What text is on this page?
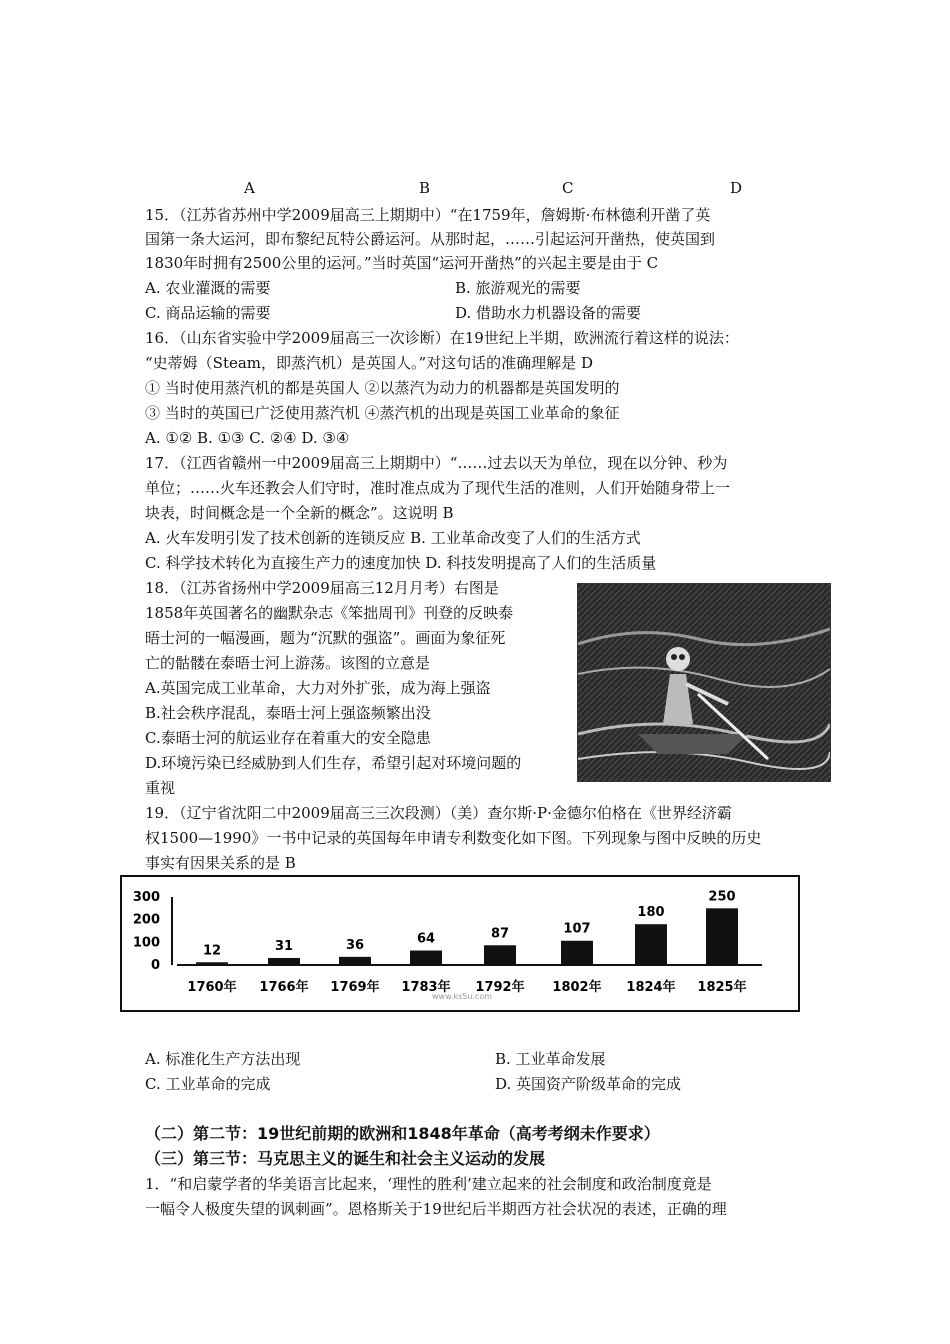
A	B	C	D
15．（江苏省苏州中学2009届高三上期期中）“在1759年，詹姆斯·布林德利开凿了英
国第一条大运河，即布黎纪瓦特公爵运河。从那时起，……引起运河开凿热，使英国到
1830年时拥有2500公里的运河。”当时英国“运河开凿热”的兴起主要是由于 C
A. 农业灌溉的需要	B. 旅游观光的需要
C. 商品运输的需要	D. 借助水力机器设备的需要
16．（山东省实验中学2009届高三一次诊断）在19世纪上半期，欧洲流行着这样的说法：
“史蒂姆（Steam，即蒸汽机）是英国人。”对这句话的准确理解是 D
① 当时使用蒸汽机的都是英国人 ②以蒸汽为动力的机器都是英国发明的
③ 当时的英国已广泛使用蒸汽机 ④蒸汽机的出现是英国工业革命的象征
A. ①② B. ①③ C. ②④ D. ③④
17．（江西省赣州一中2009届高三上期期中）“……过去以天为单位，现在以分钟、秒为
单位；……火车还教会人们守时，准时准点成为了现代生活的准则，人们开始随身带上一
块表，时间概念是一个全新的概念”。这说明 B
A. 火车发明引发了技术创新的连锁反应 B. 工业革命改变了人们的生活方式
C. 科学技术转化为直接生产力的速度加快 D. 科技发明提高了人们的生活质量
18．（江苏省扬州中学2009届高三12月月考）右图是
1858年英国著名的幽默杂志《笨拙周刊》刊登的反映泰
晤士河的一幅漫画，题为“沉默的强盗”。画面为象征死
亡的骷髅在泰晤士河上游荡。该图的立意是
A.英国完成工业革命，大力对外扩张，成为海上强盗
B.社会秩序混乱，泰晤士河上强盗频繁出没
C.泰晤士河的航运业存在着重大的安全隐患
D.环境污染已经威胁到人们生存，希望引起对环境问题的
重视
19．（辽宁省沈阳二中2009届高三三次段测）（美）查尔斯·P·金德尔伯格在《世界经济霸
权1500—1990》一书中记录的英国每年申请专利数变化如下图。下列现象与图中反映的历史
事实有因果关系的是 B
300
200
100
0
12	31	36	64	87	107
180
250
1760年 1766年 1769年 1783年 1792年 1802年 1824年 1825年
www.ks5u.com
A. 标准化生产方法出现	B. 工业革命发展
C. 工业革命的完成	D. 英国资产阶级革命的完成
（二）第二节：19世纪前期的欧洲和1848年革命（高考考纲未作要求）
（三）第三节：马克思主义的诞生和社会主义运动的发展
1．“和启蒙学者的华美语言比起来，‘理性的胜利’建立起来的社会制度和政治制度竟是
一幅令人极度失望的讽刺画”。恩格斯关于19世纪后半期西方社会状况的表述，正确的理
